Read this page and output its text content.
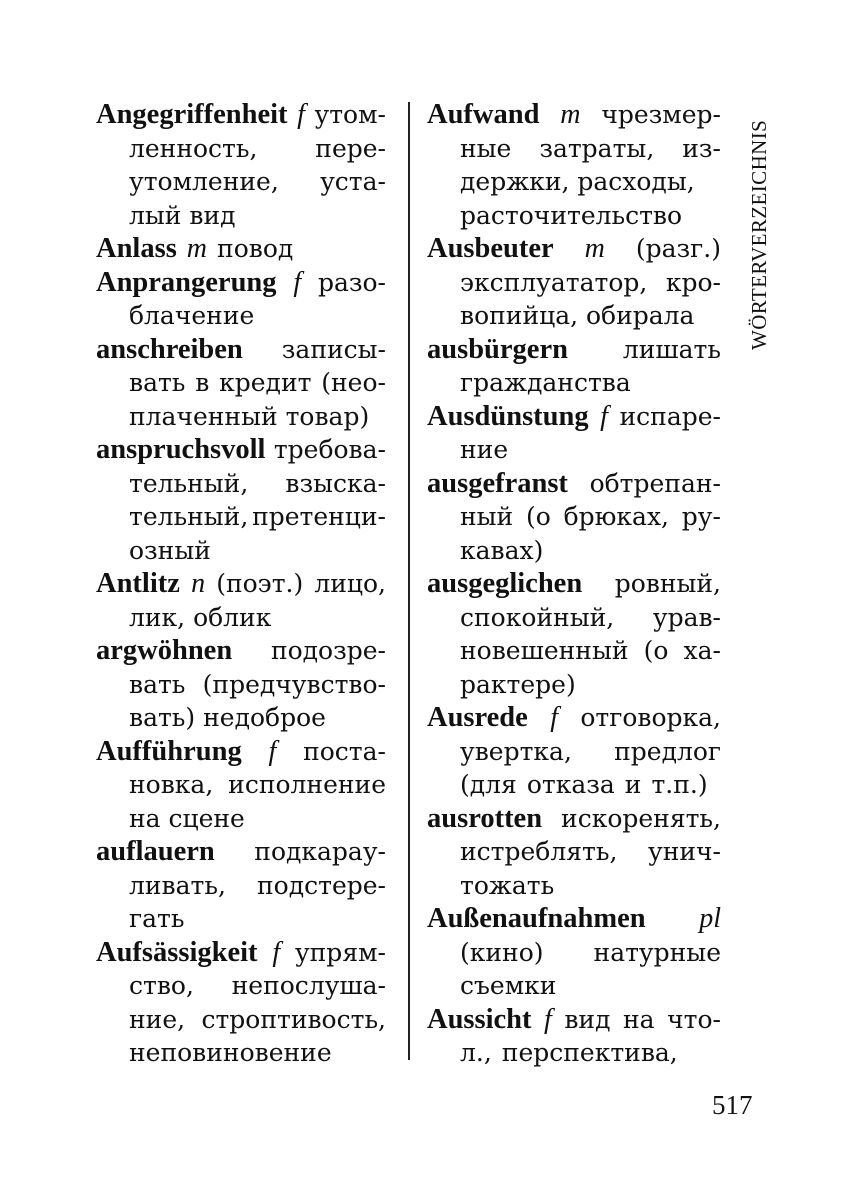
Angegriffenheit f утом-
ленность, пере-
утомление, уста-
лый вид
Anlass m повод
Anprangerung f разо-
блачение
anschreiben записы-
вать в кредит (нео-
плаченный товар)
anspruchsvoll требова-
тельный, взыска-
тельный, претенци-
озный
Antlitz n (поэт.) лицо,
лик, облик
argwöhnen подозре-
вать (предчувство-
вать) недоброе
Aufführung f поста-
новка, исполнение
на сцене
auflauern подкарау-
ливать, подстере-
гать
Aufsässigkeit f упрям-
ство, непослуша-
ние, строптивость,
неповиновение
Aufwand m чрезмер-
ные затраты, из-
держки, расходы,
расточительство
Ausbeuter m (разг.)
эксплуататор, кро-
вопийца, обирала
ausbürgern лишать
гражданства
Ausdünstung f испаре-
ние
ausgefranst обтрепан-
ный (о брюках, ру-
кавах)
ausgeglichen ровный,
спокойный, урав-
новешенный (о ха-
рактере)
Ausrede f отговорка,
увертка, предлог
(для отказа и т.п.)
ausrotten искоренять,
истреблять, унич-
тожать
Außenaufnahmen pl
(кино) натурные
съемки
Aussicht f вид на что-
л., перспектива,
WÖRTERVERZEICHNIS
517
